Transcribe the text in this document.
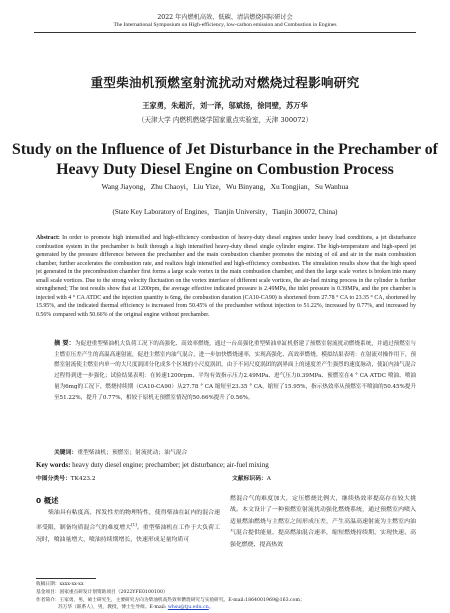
2022 年内燃机高效、低碳、清洁燃烧国际研讨会
The International Symposium on High-efficiency, low-carbon emission and Combustion in Engines
重型柴油机预燃室射流扰动对燃烧过程影响研究
王家勇，朱超沂，刘一泽，邬斌扬，徐同壁，苏万华
（天津大学 内燃机燃烧学国家重点实验室，天津 300072）
Study on the Influence of Jet Disturbance in the Prechamber of
Heavy Duty Diesel Engine on Combustion Process
Wang Jiayong，Zhu Chaoyi，Liu Yize，Wu Binyang，Xu Tongjian，Su Wanhua
(State Key Laboratory of Engines，Tianjin University，Tianjin 300072, China)
Abstract: In order to promote high intensified and high-efficiency combustion of heavy-duty diesel engines under heavy load conditions, a jet disturbance combustion system in the prechamber is built through a high intensified heavy-duty diesel single cylinder engine. The high-temperature and high-speed jet generated by the pressure difference between the prechamber and the main combustion chamber promotes the mixing of oil and air in the main combustion chamber, further accelerates the combustion rate, and realizes high intensified and high-efficiency combustion. The simulation results show that the high speed jet generated in the precombustion chamber first forms a large scale vortex in the main combustion chamber, and then the large scale vortex is broken into many small scale vortices. Due to the strong velocity fluctuation on the vortex interface of different scale vortices, the air-fuel mixing process in the cylinder is further strengthened; The test results show that at 1200rpm, the average effective indicated pressure is 2.49MPa, the inlet pressure is 0.39MPa, and the pre chamber is injected with 4 ° CA ATDC and the injection quantity is 6mg, the combustion duration (CA10-CA90) is shortened from 27.78 ° CA to 23.35 ° CA, shortened by 15.95%, and the indicated thermal efficiency is increased from 50.45% of the prechamber without injection to 51.22%, increased by 0.77%, and increased by 0.56% compared with 50.66% of the original engine without prechamber.
摘 要：为促进重型柴油机大负荷工况下的高强化、高效率燃烧，通过一台高强化重型柴油单缸机搭建了预燃室射流扰动燃烧系统，并通过预燃室与主燃室压差产生的高温高速射流，促进主燃室内油气混合，进一步加快燃烧速率，实现高强化、高效率燃烧。模拟结果表明：在射流对操作用下，预燃室射流使主燃室内单一的大尺度涡团分化成多个区域的小尺度涡团，由于不同尺度涡团的涡界面上的速度差产生强烈的速度脉动，使缸内油气混合过程得到进一步强化；试验结果表明：在转速1200rpm、平均有效指示压力2.49MPa、进气压力0.39MPa、预燃室在4 ° CA ATDC 喷油、喷油量为6mg的工况下，燃烧持续期（CA10-CA90）从27.78 ° CA 缩短至23.35 ° CA，缩短了15.95%，指示热效率从预燃室不喷油的50.45%提升至51.22%，提升了0.77%，相较于原机无预燃室情况的50.66%提升了0.56%。
关键词：重型柴油机；预燃室；射流扰动；油气混合
Key words: heavy duty diesel engine; prechamber; jet disturbance; air-fuel mixing
中图分类号：TK423.2	文献标识码：A
0 概述
柴油具有粘度高、挥发性差的物理特性，使得柴油在缸内的混合速率受限，制备均质混合气的难度增大[1]。重型柴油机在工作于大负荷工况时，喷油量增大，喷油持续期增长，快速形成足量均质可
燃混合气的难度加大，定压燃烧比例大，继续热效率提高存在较大挑战。本文设计了一种预燃室射流扰动强化燃烧系统，通过预燃室内喷入适量燃油燃烧与主燃室之间形成压差，产生高温高速射流为主燃室内油气混合提供能量，提高燃油混合速率，缩短燃烧持续期，实现快速、高强化燃烧，提高热效
收稿日期：xxxx-xx-xx
基金项目：国家重点研发计划资助项目（2022YFE0100100）
作者简介：王家勇，男，硕士研究生，主要研究方向为柴油机高热效率燃烧研究与实验研究。E-mail:1864001969@163.com；
苏万华（联系人），男，教授，博士生导师。E-mail: whsu@tju.edu.cn。
